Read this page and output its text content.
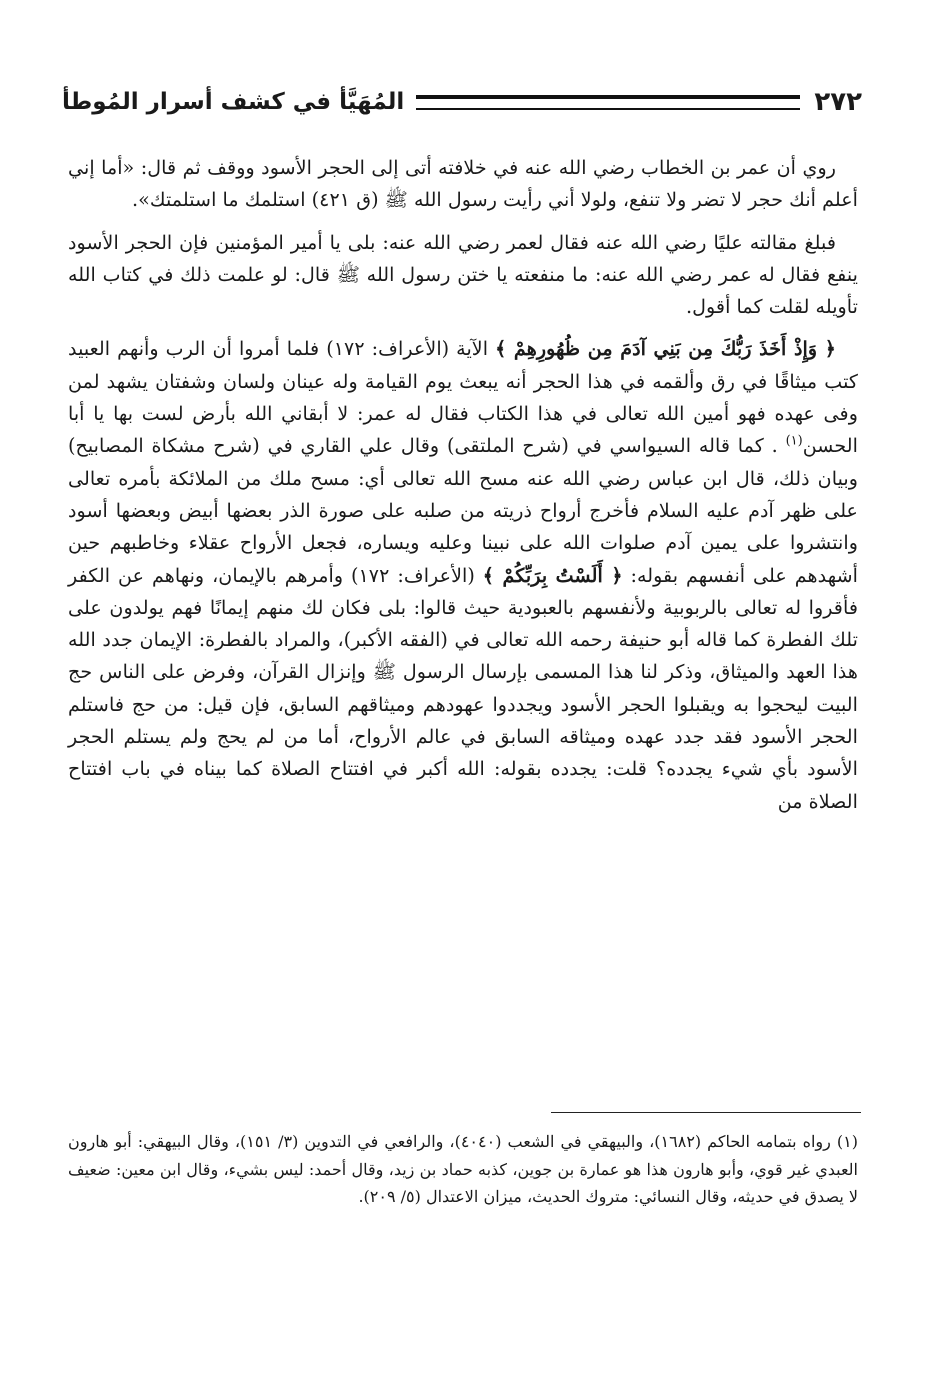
٢٧٢
المُهَيَّأ في كشف أسرار المُوطأ

روي أن عمر بن الخطاب رضي الله عنه في خلافته أتى إلى الحجر الأسود ووقف ثم قال: «أما إني أعلم أنك حجر لا تضر ولا تنفع، ولولا أني رأيت رسول الله ﷺ (ق ٤٢١) استلمك ما استلمتك».

فبلغ مقالته عليًا رضي الله عنه فقال لعمر رضي الله عنه: بلى يا أمير المؤمنين فإن الحجر الأسود ينفع فقال له عمر رضي الله عنه: ما منفعته يا ختن رسول الله ﷺ قال: لو علمت ذلك في كتاب الله تأويله لقلت كما أقول.

﴿ وَإِذْ أَخَذَ رَبُّكَ مِن بَنِي آدَمَ مِن ظُهُورِهِمْ ﴾ الآية (الأعراف: ١٧٢) فلما أمروا أن الرب وأنهم العبيد كتب ميثاقًا في رق وألقمه في هذا الحجر أنه يبعث يوم القيامة وله عينان ولسان وشفتان يشهد لمن وفى عهده فهو أمين الله تعالى في هذا الكتاب فقال له عمر: لا أبقاني الله بأرض لست بها يا أبا الحسن$^{(١)}$ . كما قاله السيواسي في (شرح الملتقى) وقال علي القاري في (شرح مشكاة المصابيح) وبيان ذلك، قال ابن عباس رضي الله عنه مسح الله تعالى أي: مسح ملك من الملائكة بأمره تعالى على ظهر آدم عليه السلام فأخرج أرواح ذريته من صلبه على صورة الذر بعضها أبيض وبعضها أسود وانتشروا على يمين آدم صلوات الله على نبينا وعليه ويساره، فجعل الأرواح عقلاء وخاطبهم حين أشهدهم على أنفسهم بقوله: ﴿ أَلَسْتُ بِرَبِّكُمْ ﴾ (الأعراف: ١٧٢) وأمرهم بالإيمان، ونهاهم عن الكفر فأقروا له تعالى بالربوبية ولأنفسهم بالعبودية حيث قالوا: بلى فكان لك منهم إيمانًا فهم يولدون على تلك الفطرة كما قاله أبو حنيفة رحمه الله تعالى في (الفقه الأكبر)، والمراد بالفطرة: الإيمان جدد الله هذا العهد والميثاق، وذكر لنا هذا المسمى بإرسال الرسول ﷺ وإنزال القرآن، وفرض على الناس حج البيت ليحجوا به ويقبلوا الحجر الأسود ويجددوا عهودهم وميثاقهم السابق، فإن قيل: من حج فاستلم الحجر الأسود فقد جدد عهده وميثاقه السابق في عالم الأرواح، أما من لم يحج ولم يستلم الحجر الأسود بأي شيء يجدده؟ قلت: يجدده بقوله: الله أكبر في افتتاح الصلاة كما بيناه في باب افتتاح الصلاة من

(١) رواه بتمامه الحاكم (١٦٨٢)، والبيهقي في الشعب (٤٠٤٠)، والرافعي في التدوين (٣/ ١٥١)، وقال البيهقي: أبو هارون العبدي غير قوي، وأبو هارون هذا هو عمارة بن جوين، كذبه حماد بن زيد، وقال أحمد: ليس بشيء، وقال ابن معين: ضعيف لا يصدق في حديثه، وقال النسائي: متروك الحديث، ميزان الاعتدال (٥/ ٢٠٩).
